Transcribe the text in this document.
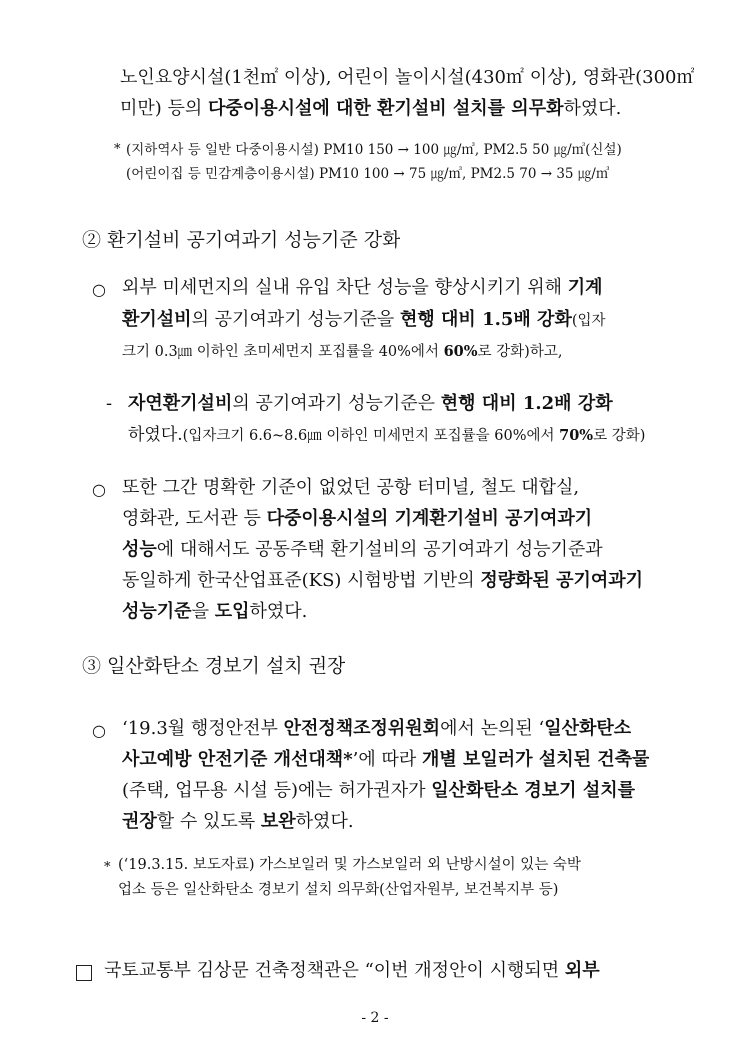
노인요양시설(1천㎡ 이상), 어린이 놀이시설(430㎡ 이상), 영화관(300㎡
미만) 등의 다중이용시설에 대한 환기설비 설치를 의무화하였다.
* (지하역사 등 일반 다중이용시설) PM10 150 → 100 ㎍/㎥, PM2.5 50 ㎍/㎥(신설)
(어린이집 등 민감계층이용시설) PM10 100 → 75 ㎍/㎥, PM2.5 70 → 35 ㎍/㎥
② 환기설비 공기여과기 성능기준 강화
○ 외부 미세먼지의 실내 유입 차단 성능을 향상시키기 위해 기계
환기설비의 공기여과기 성능기준을 현행 대비 1.5배 강화(입자
크기 0.3㎛ 이하인 초미세먼지 포집률을 40%에서 60%로 강화)하고,
- 자연환기설비의 공기여과기 성능기준은 현행 대비 1.2배 강화
하였다.(입자크기 6.6~8.6㎛ 이하인 미세먼지 포집률을 60%에서 70%로 강화)
○ 또한 그간 명확한 기준이 없었던 공항 터미널, 철도 대합실,
영화관, 도서관 등 다중이용시설의 기계환기설비 공기여과기
성능에 대해서도 공동주택 환기설비의 공기여과기 성능기준과
동일하게 한국산업표준(KS) 시험방법 기반의 정량화된 공기여과기
성능기준을 도입하였다.
③ 일산화탄소 경보기 설치 권장
○ ‘19.3월 행정안전부 안전정책조정위원회에서 논의된 ‘일산화탄소
사고예방 안전기준 개선대책*’에 따라 개별 보일러가 설치된 건축물
(주택, 업무용 시설 등)에는 허가권자가 일산화탄소 경보기 설치를
권장할 수 있도록 보완하였다.
* (‘19.3.15. 보도자료) 가스보일러 및 가스보일러 외 난방시설이 있는 숙박
업소 등은 일산화탄소 경보기 설치 의무화(산업자원부, 보건복지부 등)
국토교통부 김상문 건축정책관은 “이번 개정안이 시행되면 외부
- 2 -
